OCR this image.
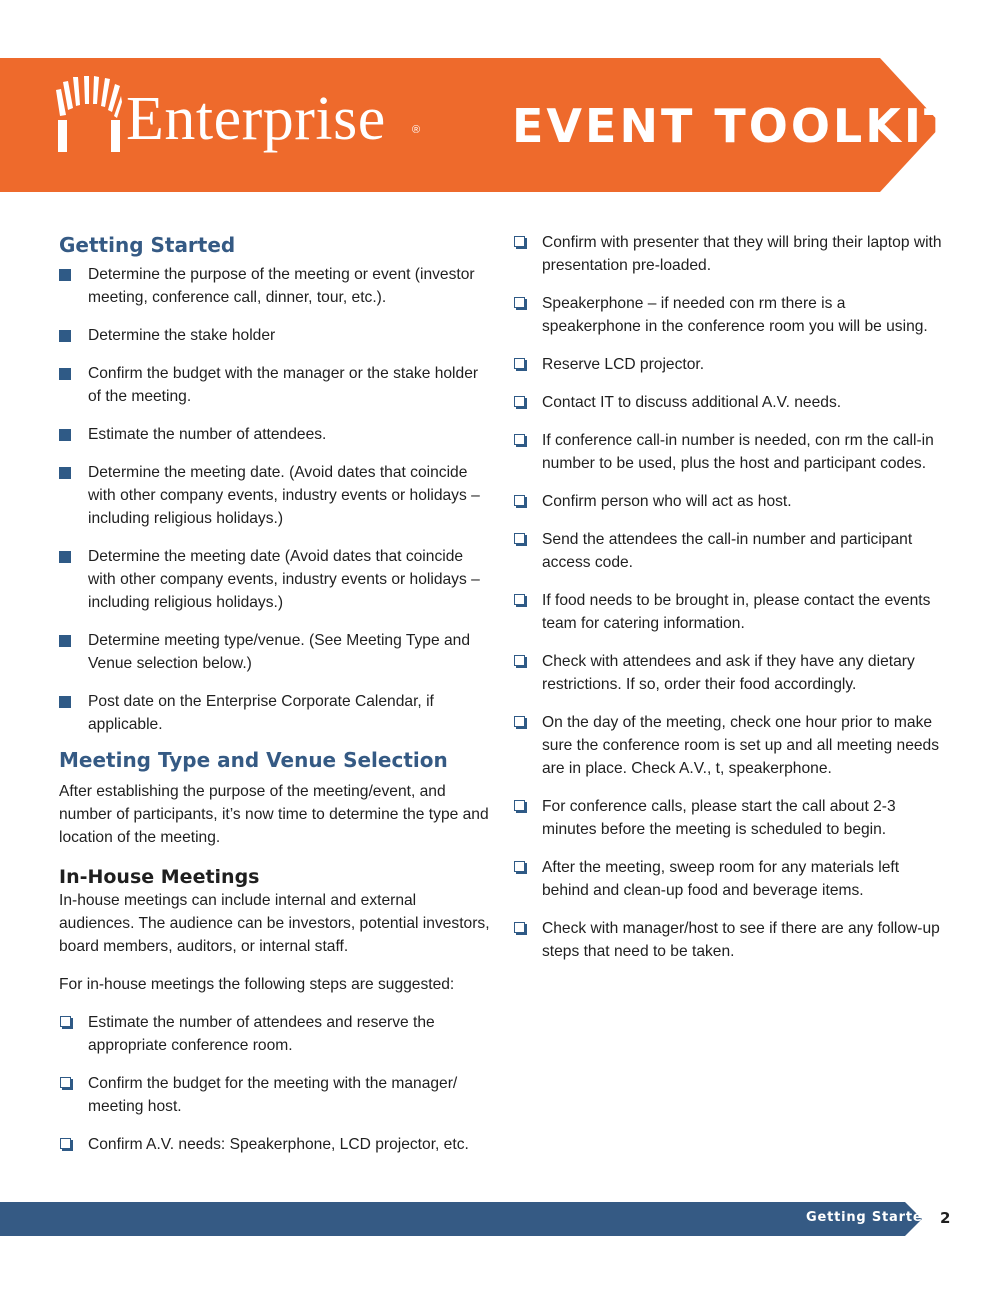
Enterprise ® EVENT TOOLKIT
Getting Started
Determine the purpose of the meeting or event (investor meeting, conference call, dinner, tour, etc.).
Determine the stake holder
Confirm the budget with the manager or the stake holder of the meeting.
Estimate the number of attendees.
Determine the meeting date. (Avoid dates that coincide with other company events, industry events or holidays – including religious holidays.)
Determine the meeting date (Avoid dates that coincide with other company events, industry events or holidays – including religious holidays.)
Determine meeting type/venue. (See Meeting Type and Venue selection below.)
Post date on the Enterprise Corporate Calendar, if applicable.
Meeting Type and Venue Selection

After establishing the purpose of the meeting/event, and number of participants, it’s now time to determine the type and location of the meeting.

In-House Meetings

In-house meetings can include internal and external audiences. The audience can be investors, potential investors, board members, auditors, or internal staff.

For in-house meetings the following steps are suggested:

Estimate the number of attendees and reserve the appropriate conference room.
Confirm the budget for the meeting with the manager/ meeting host.
Confirm A.V. needs: Speakerphone, LCD projector, etc.
Confirm with presenter that they will bring their laptop with presentation pre-loaded.
Speakerphone – if needed con rm there is a speakerphone in the conference room you will be using.
Reserve LCD projector.
Contact IT to discuss additional A.V. needs.
If conference call-in number is needed, con rm the call-in number to be used, plus the host and participant codes.
Confirm person who will act as host.
Send the attendees the call-in number and participant access code.
If food needs to be brought in, please contact the events team for catering information.
Check with attendees and ask if they have any dietary restrictions. If so, order their food accordingly.
On the day of the meeting, check one hour prior to make sure the conference room is set up and all meeting needs are in place. Check A.V., t, speakerphone.
For conference calls, please start the call about 2-3 minutes before the meeting is scheduled to begin.
After the meeting, sweep room for any materials left behind and clean-up food and beverage items.
Check with manager/host to see if there are any follow-up steps that need to be taken.
Getting Started 2
